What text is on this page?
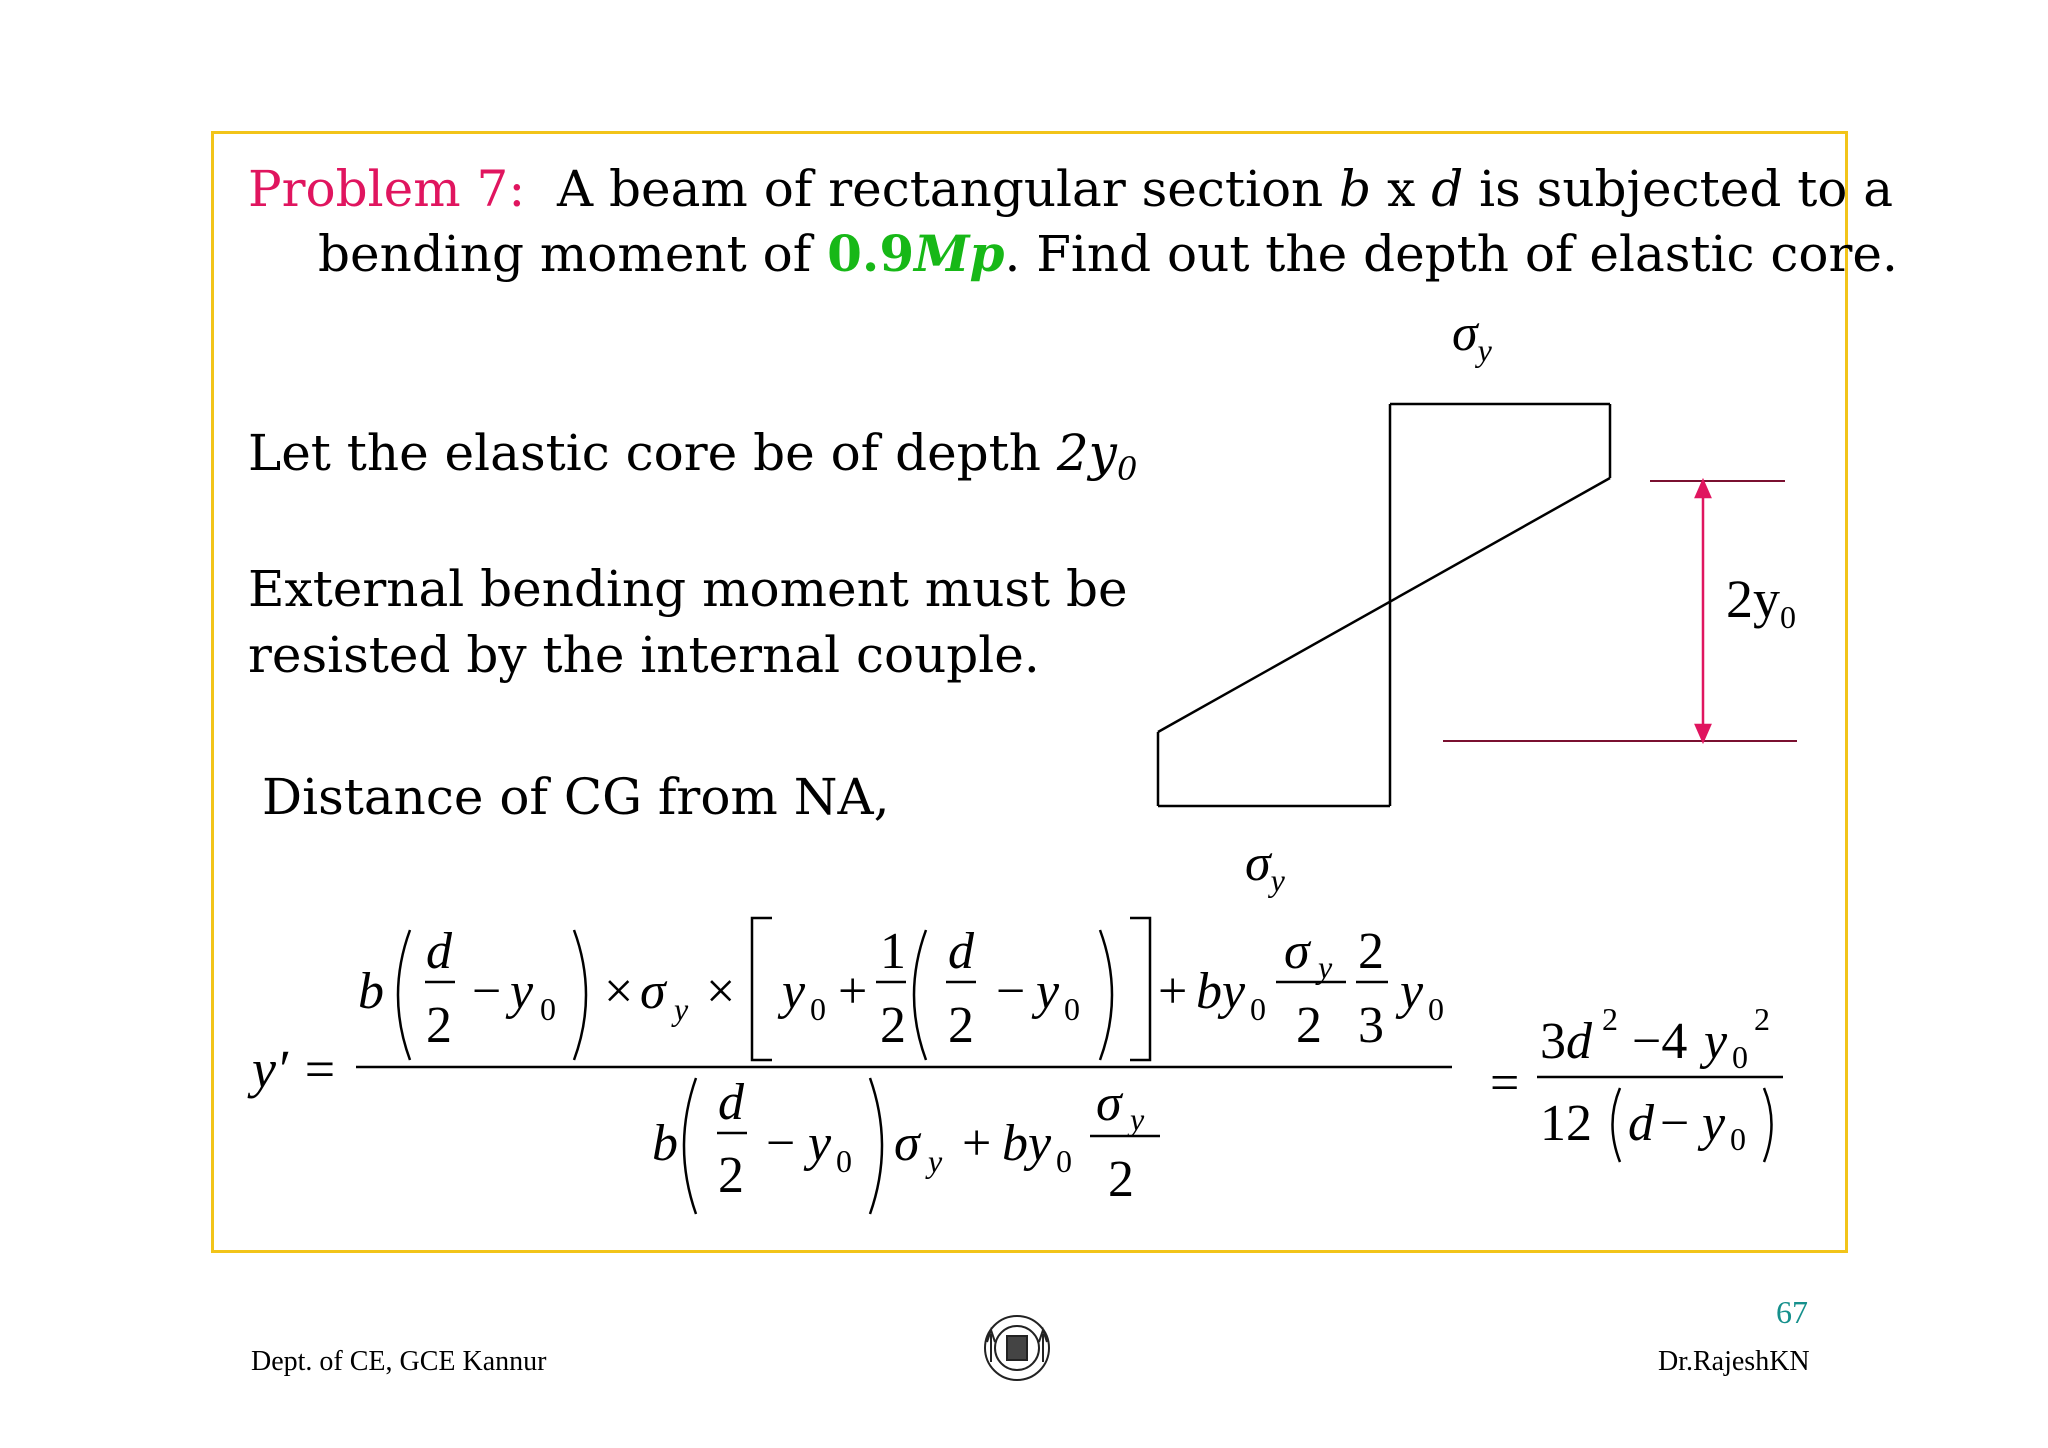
Problem 7: A beam of rectangular section b x d is subjected to a
bending moment of 0.9Mp. Find out the depth of elastic core.
Let the elastic core be of depth 2y0
External bending moment must be
resisted by the internal couple.
Distance of CG from NA,
$\sigma_y$
$\sigma_y$
$2y_0$
y′ =
b
d
2
− y 0 × σ y × y 0 +
1
2
d
2
− y 0 + by 0
σ y
2
2
3
y 0
b
d
2
− y 0 σ y + by 0
σ y
2
3d 2 −4 y 0
2
12 d − y 0
=
67
Dept. of CE, GCE Kannur	Dr.RajeshKN
